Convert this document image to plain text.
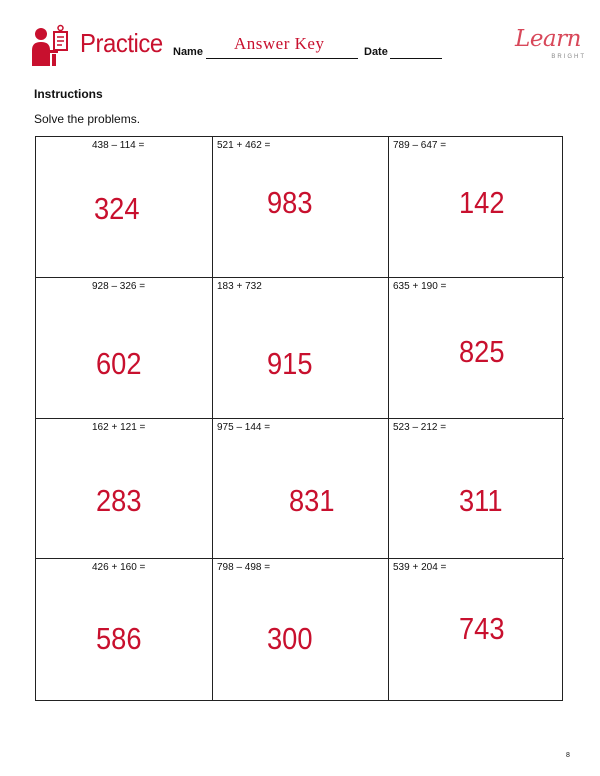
Practice Name Answer Key	Date	Learn
BRIGHT
Instructions
Solve the problems.
438 – 114 =
324
521 + 462 =
983
789 – 647 =
142
928 – 326 =
602
183 + 732
915
635 + 190 =
825
162 + 121 =
283
975 – 144 =
831
523 – 212 =
311
426 + 160 =
586
798 – 498 =
300
539 + 204 =
743
8
